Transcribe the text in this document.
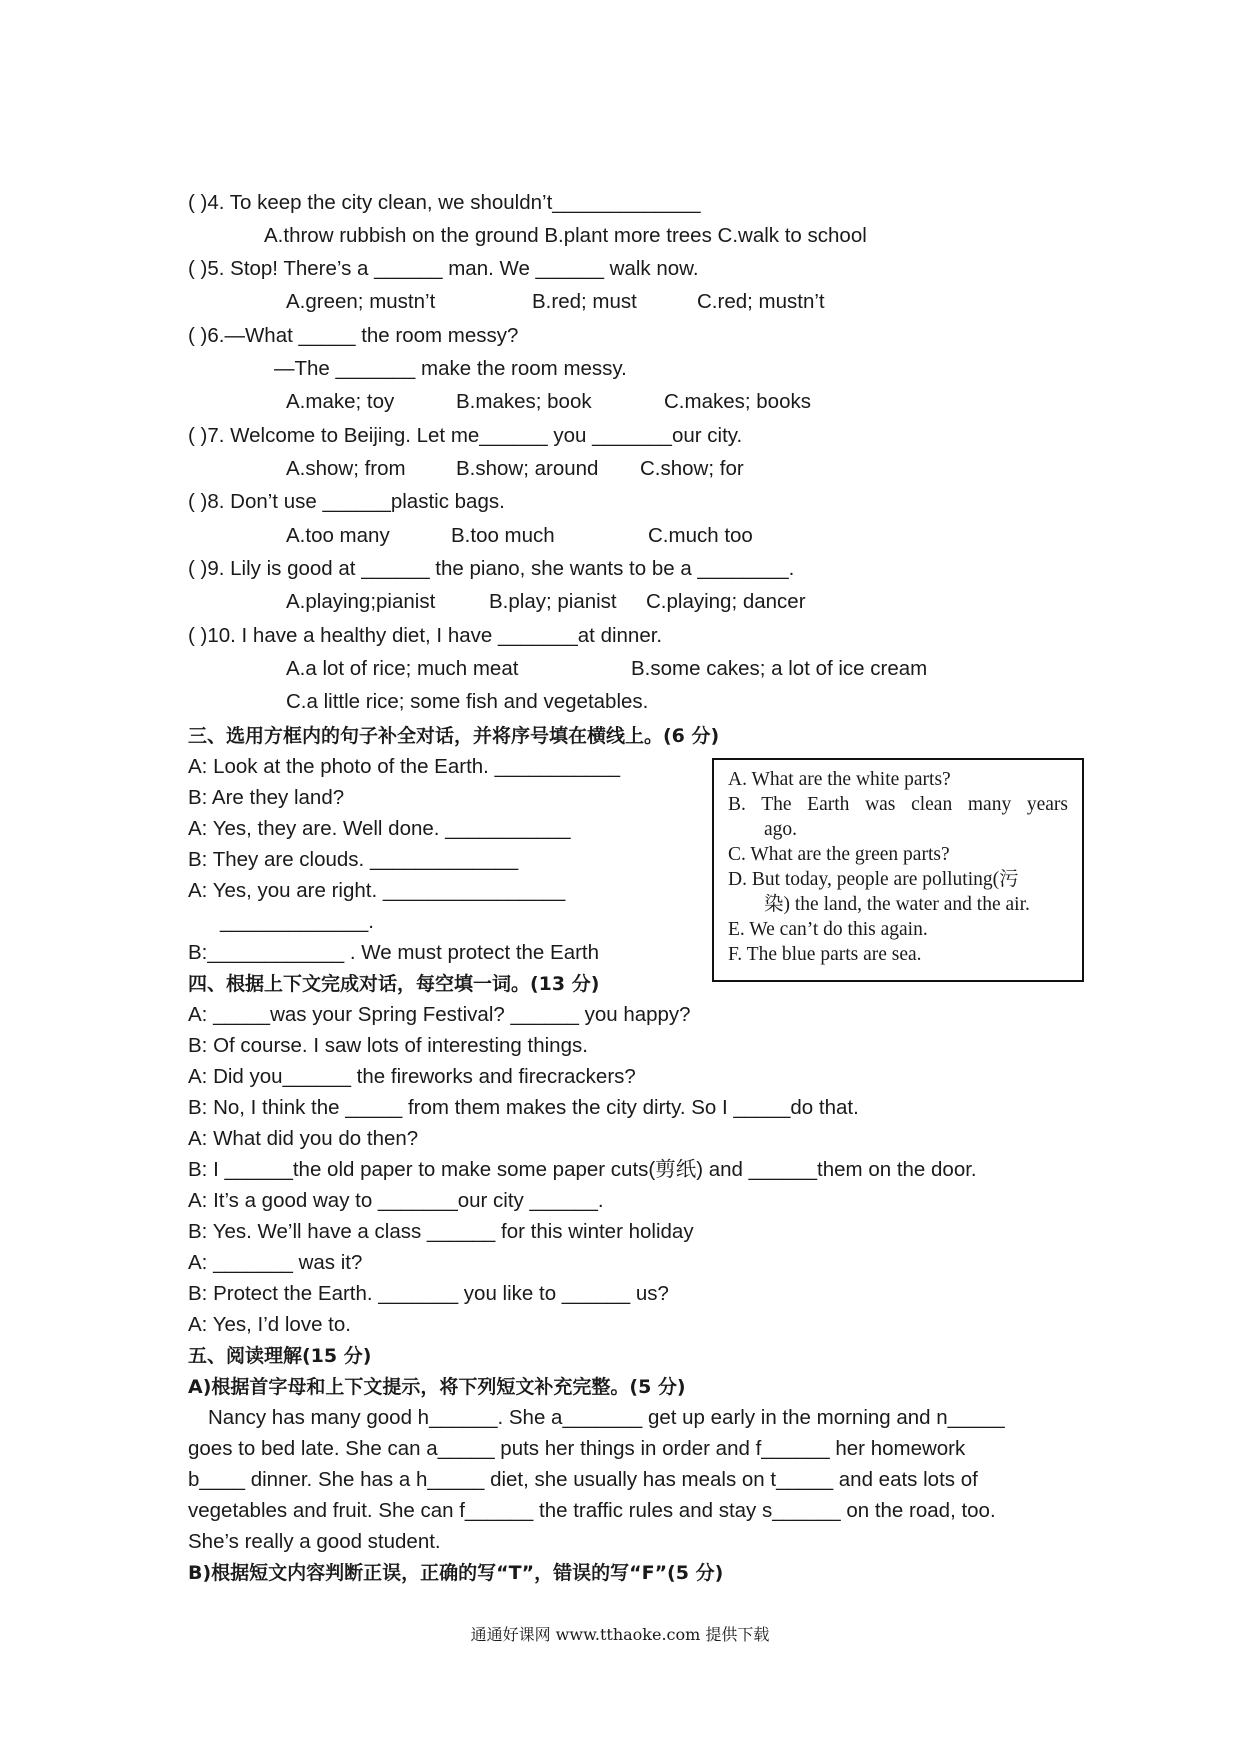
( )4. To keep the city clean, we shouldn’t_____________
A.throw rubbish on the ground B.plant more trees C.walk to school
( )5. Stop! There’s a ______ man. We ______ walk now.
A.green; mustn’t	B.red; must	C.red; mustn’t
( )6.—What _____ the room messy?
—The _______ make the room messy.
A.make; toy	B.makes; book	C.makes; books
( )7. Welcome to Beijing. Let me______ you _______our city.
A.show; from B.show; around C.show; for
( )8. Don’t use ______plastic bags.
A.too many	B.too much	C.much too
( )9. Lily is good at ______ the piano, she wants to be a ________.
A.playing;pianist	B.play; pianist C.playing; dancer
( )10. I have a healthy diet, I have _______at dinner.
A.a lot of rice; much meat	B.some cakes; a lot of ice cream
C.a little rice; some fish and vegetables.
三、选用方框内的句子补全对话，并将序号填在横线上。(6 分)
A: Look at the photo of the Earth. ___________
B: Are they land?
A: Yes, they are. Well done. ___________
B: They are clouds. _____________
A: Yes, you are right. ________________
_____________.
B:____________ . We must protect the Earth
A. What are the white parts?
B. The Earth was clean many years
ago.
C. What are the green parts?
D. But today, people are polluting(污
染) the land, the water and the air.
E. We can’t do this again.
F. The blue parts are sea.
四、根据上下文完成对话，每空填一词。(13 分)
A: _____was your Spring Festival? ______ you happy?
B: Of course. I saw lots of interesting things.
A: Did you______ the fireworks and firecrackers?
B: No, I think the _____ from them makes the city dirty. So I _____do that.
A: What did you do then?
B: I ______the old paper to make some paper cuts(剪纸) and ______them on the door.
A: It’s a good way to _______our city ______.
B: Yes. We’ll have a class ______ for this winter holiday
A: _______ was it?
B: Protect the Earth. _______ you like to ______ us?
A: Yes, I’d love to.
五、阅读理解(15 分)
A)根据首字母和上下文提示，将下列短文补充完整。(5 分)
Nancy has many good h______. She a_______ get up early in the morning and n_____
goes to bed late. She can a_____ puts her things in order and f______ her homework
b____ dinner. She has a h_____ diet, she usually has meals on t_____ and eats lots of
vegetables and fruit. She can f______ the traffic rules and stay s______ on the road, too.
She’s really a good student.
B)根据短文内容判断正误，正确的写“T”，错误的写“F”(5 分)
通通好课网 www.tthaoke.com 提供下载
